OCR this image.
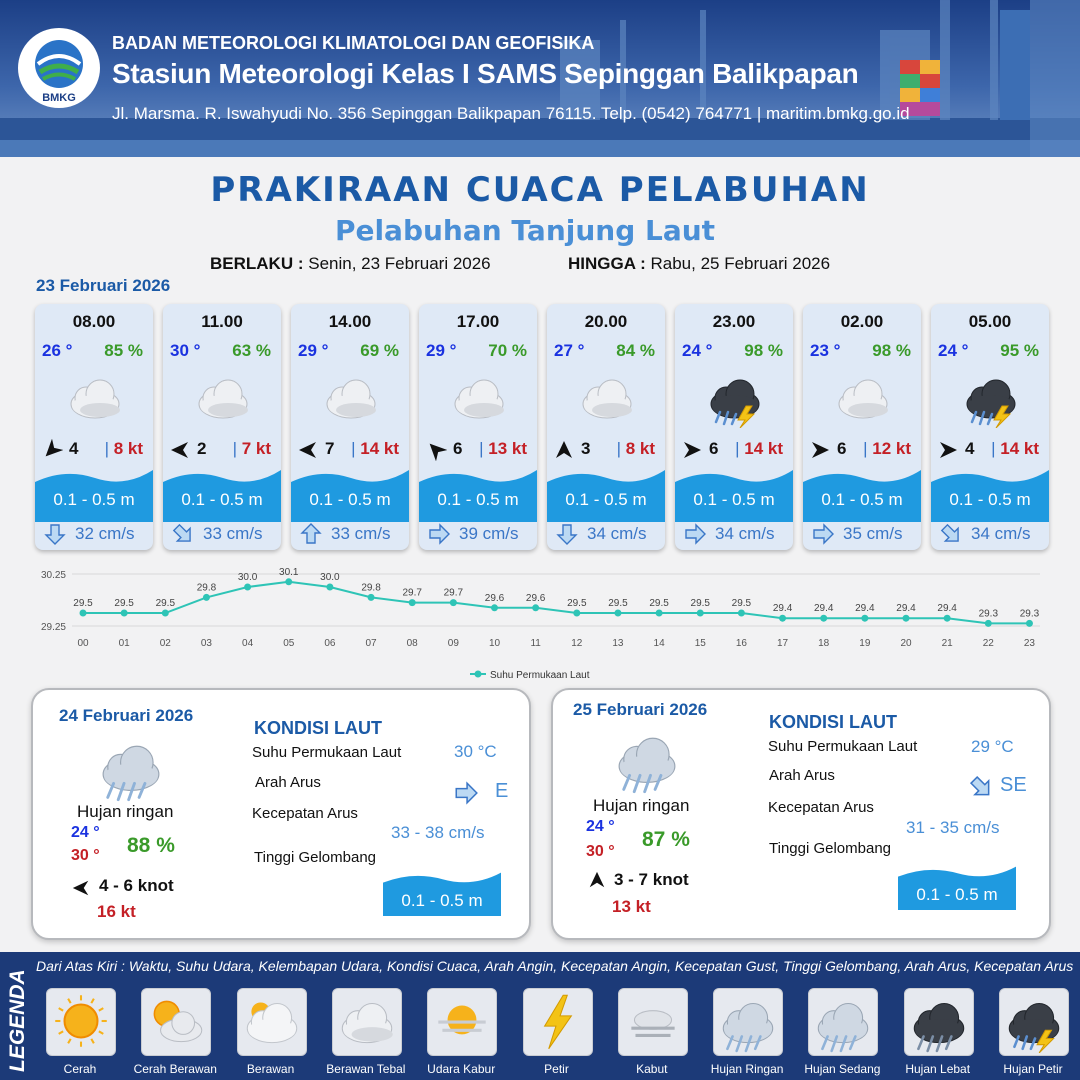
BMKG
BADAN METEOROLOGI KLIMATOLOGI DAN GEOFISIKA
Stasiun Meteorologi Kelas I SAMS Sepinggan Balikpapan
Jl. Marsma. R. Iswahyudi No. 356 Sepinggan Balikpapan 76115. Telp. (0542) 764771 | maritim.bmkg.go.id
PRAKIRAAN CUACA PELABUHAN
Pelabuhan Tanjung Laut
BERLAKU : Senin, 23 Februari 2026	HINGGA : Rabu, 25 Februari 2026
23 Februari 2026
08.00
26 ° 85 %
4 | 8 kt
0.1 - 0.5 m
32 cm/s
11.00
30 ° 63 %
2 | 7 kt
0.1 - 0.5 m
33 cm/s
14.00
29 ° 69 %
7 | 14 kt
0.1 - 0.5 m
33 cm/s
17.00
29 ° 70 %
6 | 13 kt
0.1 - 0.5 m
39 cm/s
20.00
27 ° 84 %
3 | 8 kt
0.1 - 0.5 m
34 cm/s
23.00
24 ° 98 %
6 | 14 kt
0.1 - 0.5 m
34 cm/s
02.00
23 ° 98 %
6 | 12 kt
0.1 - 0.5 m
35 cm/s
05.00
24 ° 95 %
4 | 14 kt
0.1 - 0.5 m
34 cm/s
30.25
29.25
29.5
00
29.5
01
29.5
02
29.8
03
30.0
04
30.1
05
30.0
06
29.8
07
29.7
08
29.7
09
29.6
10
29.6
11
29.5
12
29.5
13
29.5
14
29.5
15
29.5
16
29.4
17
29.4
18
29.4
19
29.4
20
29.4
21
29.3
22
29.3
23
Suhu Permukaan Laut
24 Februari 2026
Hujan ringan
24 °
30 ° 88 %
4 - 6 knot
16 kt
KONDISI LAUT
Suhu Permukaan Laut	30 °C
Arah Arus	E
Kecepatan Arus
33 - 38 cm/s
Tinggi Gelombang
0.1 - 0.5 m
25 Februari 2026
Hujan ringan
24 °
30 °
87 %
3 - 7 knot
13 kt
KONDISI LAUT
Suhu Permukaan Laut	29 °C
Arah Arus	SE
Kecepatan Arus
31 - 35 cm/s
Tinggi Gelombang
0.1 - 0.5 m
LEGENDA
Dari Atas Kiri : Waktu, Suhu Udara, Kelembapan Udara, Kondisi Cuaca, Arah Angin, Kecepatan Angin, Kecepatan Gust, Tinggi Gelombang, Arah Arus, Kecepatan Arus
Cerah	Cerah Berawan	Berawan	Berawan Tebal	Udara Kabur	Petir	Kabut	Hujan Ringan	Hujan Sedang	Hujan Lebat	Hujan Petir
